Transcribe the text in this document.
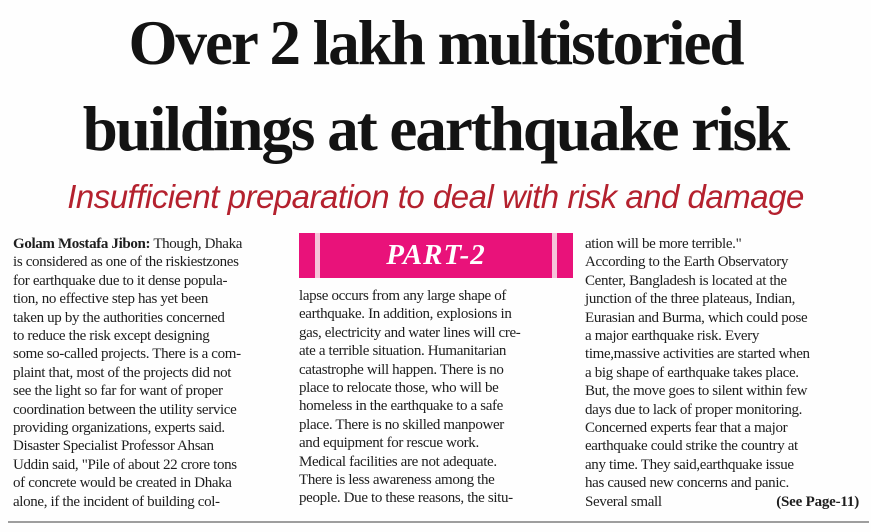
Over 2 lakh multistoried
buildings at earthquake risk
Insufficient preparation to deal with risk and damage
Golam Mostafa Jibon: Though, Dhaka
is considered as one of the riskiestzones
for earthquake due to it dense popula-
tion, no effective step has yet been
taken up by the authorities concerned
to reduce the risk except designing
some so-called projects. There is a com-
plaint that, most of the projects did not
see the light so far for want of proper
coordination between the utility service
providing organizations, experts said.
Disaster Specialist Professor Ahsan
Uddin said, "Pile of about 22 crore tons
of concrete would be created in Dhaka
alone, if the incident of building col-
PART-2
lapse occurs from any large shape of
earthquake. In addition, explosions in
gas, electricity and water lines will cre-
ate a terrible situation. Humanitarian
catastrophe will happen. There is no
place to relocate those, who will be
homeless in the earthquake to a safe
place. There is no skilled manpower
and equipment for rescue work.
Medical facilities are not adequate.
There is less awareness among the
people. Due to these reasons, the situ-
ation will be more terrible."
According to the Earth Observatory
Center, Bangladesh is located at the
junction of the three plateaus, Indian,
Eurasian and Burma, which could pose
a major earthquake risk. Every
time,massive activities are started when
a big shape of earthquake takes place.
But, the move goes to silent within few
days due to lack of proper monitoring.
Concerned experts fear that a major
earthquake could strike the country at
any time. They said,earthquake issue
has caused new concerns and panic.
Several small	(See Page-11)
